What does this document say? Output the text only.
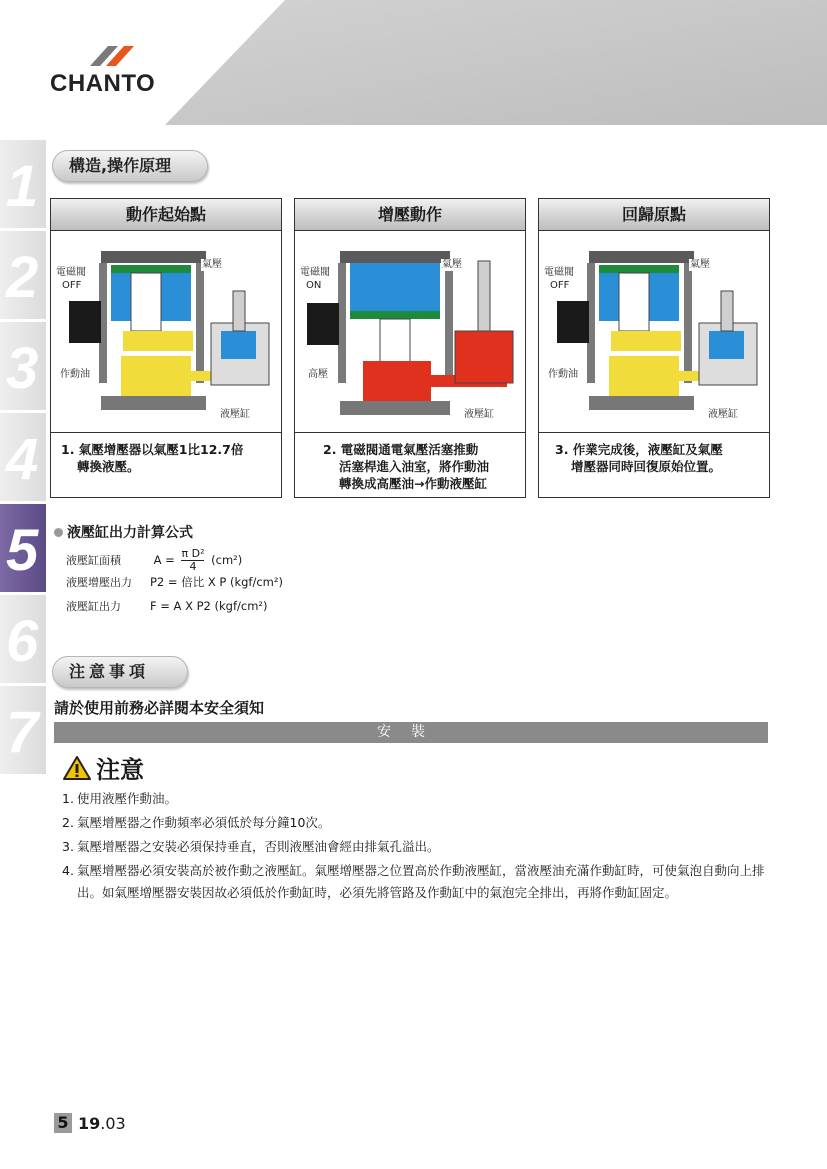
CHANTO
1
2
3
4
5
6
7
構造,操作原理
動作起始點
電磁閥
OFF
氣壓
作動油
液壓缸
1. 氣壓增壓器以氣壓1比12.7倍
轉換液壓。
增壓動作
電磁閥
ON
氣壓
高壓
液壓缸
2. 電磁閥通電氣壓活塞推動
活塞桿進入油室，將作動油
轉換成高壓油→作動液壓缸
回歸原點
電磁閥
OFF
氣壓
作動油
液壓缸
3. 作業完成後，液壓缸及氣壓
增壓器同時回復原始位置。
液壓缸出力計算公式
液壓缸面積	$A = \frac{\text{π D²}}{4} (cm^2)$
液壓增壓出力 P2 = 倍比 X P (kgf/cm²)
液壓缸出力	F = A X P2 (kgf/cm²)
注意事項
請於使用前務必詳閱本安全須知
安裝
注意
1. 使用液壓作動油。
2. 氣壓增壓器之作動頻率必須低於每分鐘10次。
3. 氣壓增壓器之安裝必須保持垂直，否則液壓油會經由排氣孔溢出。
4. 氣壓增壓器必須安裝高於被作動之液壓缸。氣壓增壓器之位置高於作動液壓缸，當液壓油充滿作動缸時，可使氣泡自動向上排出。如氣壓增壓器安裝因故必須低於作動缸時，必須先將管路及作動缸中的氣泡完全排出，再將作動缸固定。
5 19 .03
